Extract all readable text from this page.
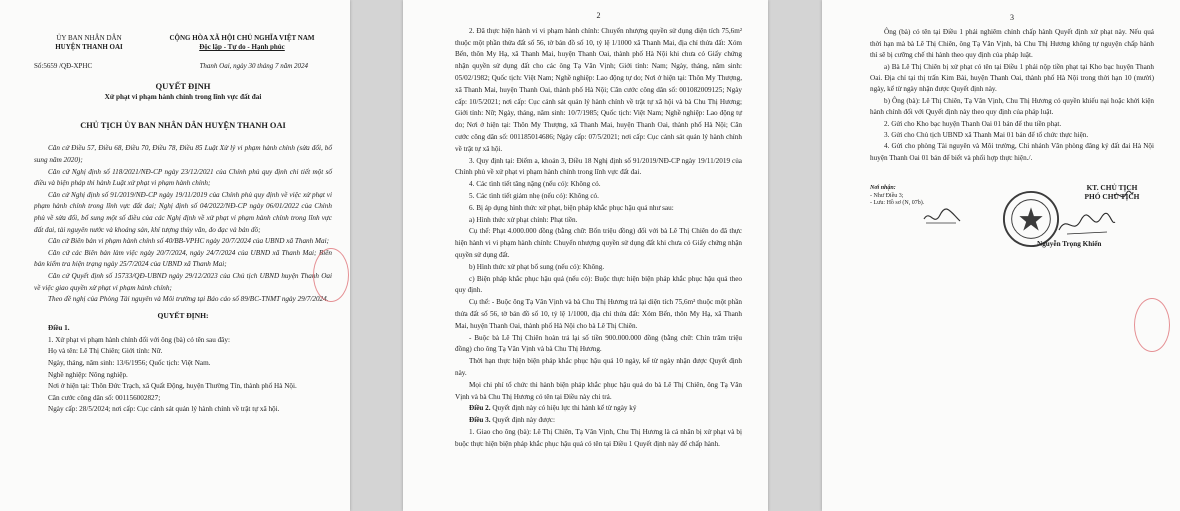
ỦY BAN NHÂN DÂN
HUYỆN THANH OAI
CỘNG HÒA XÃ HỘI CHỦ NGHĨA VIỆT NAM
Độc lập - Tự do - Hạnh phúc
Số:5659 /QĐ-XPHC	Thanh Oai, ngày 30 tháng 7 năm 2024
QUYẾT ĐỊNH
Xử phạt vi phạm hành chính trong lĩnh vực đất đai
CHỦ TỊCH ỦY BAN NHÂN DÂN HUYỆN THANH OAI

Căn cứ Điều 57, Điều 68, Điều 70, Điều 78, Điều 85 Luật Xử lý vi phạm hành chính (sửa đổi, bổ sung năm 2020);

Căn cứ Nghị định số 118/2021/NĐ-CP ngày 23/12/2021 của Chính phủ quy định chi tiết một số điều và biện pháp thi hành Luật xử phạt vi phạm hành chính;

Căn cứ Nghị định số 91/2019/NĐ-CP ngày 19/11/2019 của Chính phủ quy định về việc xử phạt vi phạm hành chính trong lĩnh vực đất đai; Nghị định số 04/2022/NĐ-CP ngày 06/01/2022 của Chính phủ về sửa đổi, bổ sung một số điều của các Nghị định về xử phạt vi phạm hành chính trong lĩnh vực đất đai, tài nguyên nước và khoáng sản, khí tượng thủy văn, đo đạc và bản đồ;

Căn cứ Biên bản vi phạm hành chính số 40/BB-VPHC ngày 20/7/2024 của UBND xã Thanh Mai;

Căn cứ các Biên bản làm việc ngày 20/7/2024, ngày 24/7/2024 của UBND xã Thanh Mai; Biên bản kiểm tra hiện trạng ngày 25/7/2024 của UBND xã Thanh Mai;

Căn cứ Quyết định số 15733/QĐ-UBND ngày 29/12/2023 của Chủ tịch UBND huyện Thanh Oai về việc giao quyền xử phạt vi phạm hành chính;

Theo đề nghị của Phòng Tài nguyên và Môi trường tại Báo cáo số 89/BC-TNMT ngày 29/7/2024.

QUYẾT ĐỊNH:

Điều 1.

1. Xử phạt vi phạm hành chính đối với ông (bà) có tên sau đây:

Họ và tên: Lê Thị Chiên; Giới tính: Nữ.

Ngày, tháng, năm sinh: 13/6/1956; Quốc tịch: Việt Nam.

Nghề nghiệp: Nông nghiệp.

Nơi ở hiện tại: Thôn Đức Trạch, xã Quất Động, huyện Thường Tín, thành phố Hà Nội.

Căn cước công dân số: 001156002827;

Ngày cấp: 28/5/2024; nơi cấp: Cục cảnh sát quản lý hành chính về trật tự xã hội.

2

2. Đã thực hiện hành vi vi phạm hành chính: Chuyển nhượng quyền sử dụng diện tích 75,6m² thuộc một phần thửa đất số 56, tờ bản đồ số 10, tỷ lệ 1/1000 xã Thanh Mai, địa chỉ thửa đất: Xóm Bến, thôn My Hạ, xã Thanh Mai, huyện Thanh Oai, thành phố Hà Nội khi chưa có Giấy chứng nhận quyền sử dụng đất cho các ông Tạ Văn Vịnh; Giới tính: Nam; Ngày, tháng, năm sinh: 05/02/1982; Quốc tịch: Việt Nam; Nghề nghiệp: Lao động tự do; Nơi ở hiện tại: Thôn My Thượng, xã Thanh Mai, huyện Thanh Oai, thành phố Hà Nội; Căn cước công dân số: 001082009125; Ngày cấp: 10/5/2021; nơi cấp: Cục cảnh sát quản lý hành chính về trật tự xã hội và bà Chu Thị Hương; Giới tính: Nữ; Ngày, tháng, năm sinh: 10/7/1985; Quốc tịch: Việt Nam; Nghề nghiệp: Lao động tự do; Nơi ở hiện tại: Thôn My Thượng, xã Thanh Mai, huyện Thanh Oai, thành phố Hà Nội; Căn cước công dân số: 001185014686; Ngày cấp: 07/5/2021; nơi cấp: Cục cảnh sát quản lý hành chính về trật tự xã hội.

3. Quy định tại: Điểm a, khoản 3, Điều 18 Nghị định số 91/2019/NĐ-CP ngày 19/11/2019 của Chính phủ về xử phạt vi phạm hành chính trong lĩnh vực đất đai.

4. Các tình tiết tăng nặng (nếu có): Không có.

5. Các tình tiết giảm nhẹ (nếu có): Không có.

6. Bị áp dụng hình thức xử phạt, biện pháp khắc phục hậu quả như sau:

a) Hình thức xử phạt chính: Phạt tiền.

Cụ thể: Phạt 4.000.000 đồng (bằng chữ: Bốn triệu đồng) đối với bà Lê Thị Chiên do đã thực hiện hành vi vi phạm hành chính: Chuyển nhượng quyền sử dụng đất khi chưa có Giấy chứng nhận quyền sử dụng đất.

b) Hình thức xử phạt bổ sung (nếu có): Không.

c) Biện pháp khắc phục hậu quả (nếu có): Buộc thực hiện biện pháp khắc phục hậu quả theo quy định.

Cụ thể: - Buộc ông Tạ Văn Vịnh và bà Chu Thị Hương trả lại diện tích 75,6m² thuộc một phần thửa đất số 56, tờ bản đồ số 10, tỷ lệ 1/1000, địa chỉ thửa đất: Xóm Bến, thôn My Hạ, xã Thanh Mai, huyện Thanh Oai, thành phố Hà Nội cho bà Lê Thị Chiên.

- Buộc bà Lê Thị Chiên hoàn trả lại số tiền 900.000.000 đồng (bằng chữ: Chín trăm triệu đồng) cho ông Tạ Văn Vịnh và bà Chu Thị Hương.

Thời hạn thực hiện biện pháp khắc phục hậu quả 10 ngày, kể từ ngày nhận được Quyết định này.

Mọi chi phí tổ chức thi hành biện pháp khắc phục hậu quả do bà Lê Thị Chiên, ông Tạ Văn Vịnh và bà Chu Thị Hương có tên tại Điều này chi trả.

Điều 2. Quyết định này có hiệu lực thi hành kể từ ngày ký

Điều 3. Quyết định này được:

1. Giao cho ông (bà): Lê Thị Chiên, Tạ Văn Vịnh, Chu Thị Hương là cá nhân bị xử phạt và bị buộc thực hiện biện pháp khắc phục hậu quả có tên tại Điều 1 Quyết định này để chấp hành.

3

Ông (bà) có tên tại Điều 1 phải nghiêm chỉnh chấp hành Quyết định xử phạt này. Nếu quá thời hạn mà bà Lê Thị Chiên, ông Tạ Văn Vịnh, bà Chu Thị Hương không tự nguyện chấp hành thì sẽ bị cưỡng chế thi hành theo quy định của pháp luật.

a) Bà Lê Thị Chiên bị xử phạt có tên tại Điều 1 phải nộp tiền phạt tại Kho bạc huyện Thanh Oai. Địa chỉ tại thị trấn Kim Bài, huyện Thanh Oai, thành phố Hà Nội trong thời hạn 10 (mười) ngày, kể từ ngày nhận được Quyết định này.

b) Ông (bà): Lê Thị Chiên, Tạ Văn Vịnh, Chu Thị Hương có quyền khiếu nại hoặc khởi kiện hành chính đối với Quyết định này theo quy định của pháp luật.

2. Gửi cho Kho bạc huyện Thanh Oai 01 bản để thu tiền phạt.

3. Gửi cho Chủ tịch UBND xã Thanh Mai 01 bản để tổ chức thực hiện.

4. Gửi cho phòng Tài nguyên và Môi trường, Chi nhánh Văn phòng đăng ký đất đai Hà Nội huyện Thanh Oai 01 bản để biết và phối hợp thực hiện./.

Nơi nhận:
- Như Điều 3;
- Lưu: Hồ sơ (N, 07b).
KT. CHỦ TỊCH
PHÓ CHỦ TỊCH
Nguyễn Trọng Khiển
